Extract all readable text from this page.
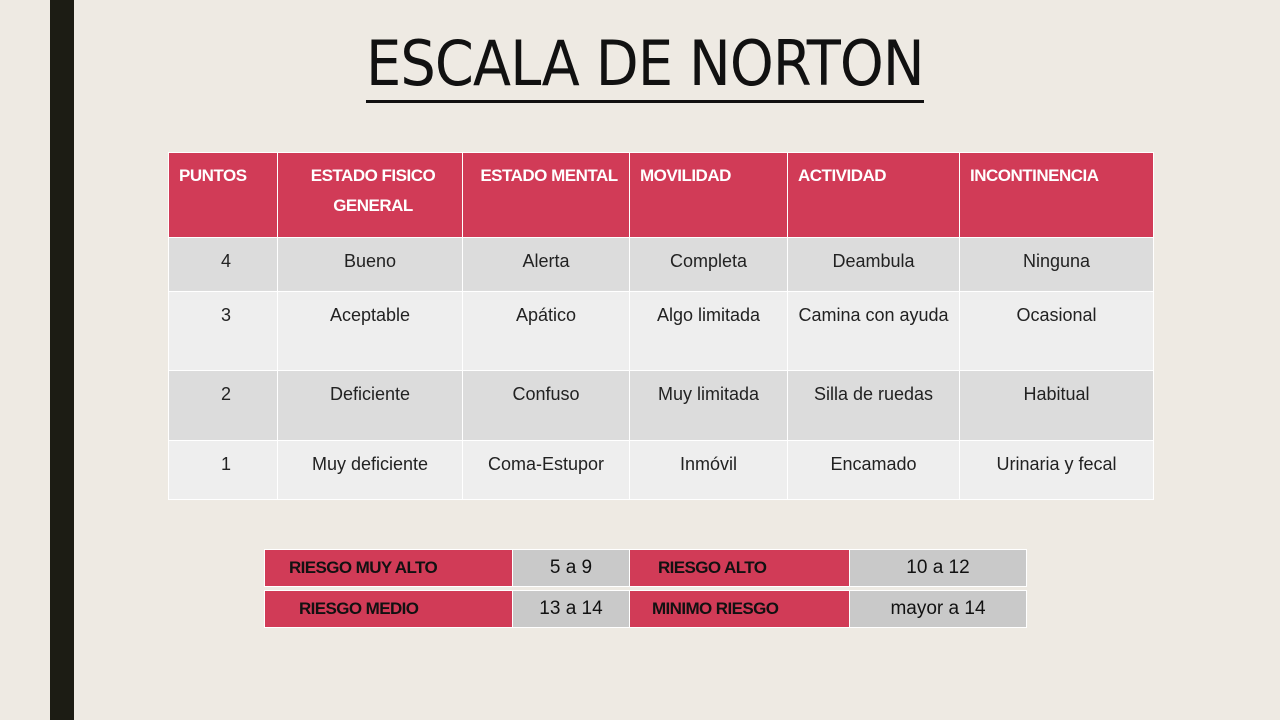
ESCALA DE NORTON
PUNTOS	ESTADO FISICO GENERAL	ESTADO MENTAL	MOVILIDAD	ACTIVIDAD	INCONTINENCIA
4	Bueno	Alerta	Completa	Deambula	Ninguna
3	Aceptable	Apático	Algo limitada	Camina con ayuda	Ocasional
2	Deficiente	Confuso	Muy limitada	Silla de ruedas	Habitual
1	Muy deficiente	Coma-Estupor	Inmóvil	Encamado	Urinaria y fecal
RIESGO MUY ALTO	5 a 9	RIESGO ALTO	10 a 12

RIESGO MEDIO	13 a 14	MINIMO RIESGO	mayor a 14
